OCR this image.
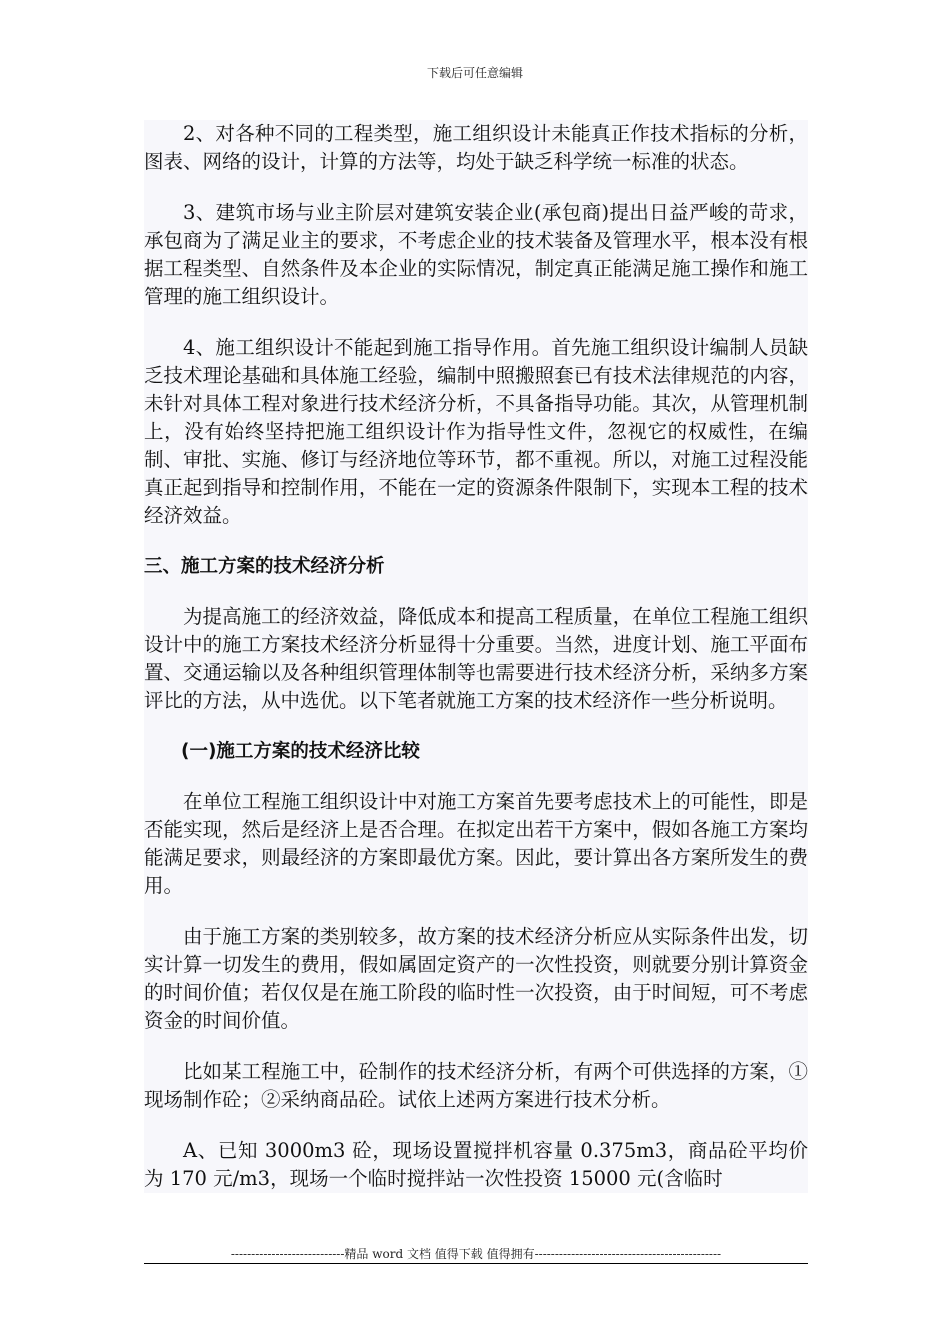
下载后可任意编辑

2、对各种不同的工程类型，施工组织设计未能真正作技术指标的分析，图表、网络的设计，计算的方法等，均处于缺乏科学统一标准的状态。

3、建筑市场与业主阶层对建筑安装企业(承包商)提出日益严峻的苛求，承包商为了满足业主的要求，不考虑企业的技术装备及管理水平，根本没有根据工程类型、自然条件及本企业的实际情况，制定真正能满足施工操作和施工管理的施工组织设计。

4、施工组织设计不能起到施工指导作用。首先施工组织设计编制人员缺乏技术理论基础和具体施工经验，编制中照搬照套已有技术法律规范的内容，未针对具体工程对象进行技术经济分析，不具备指导功能。其次，从管理机制上，没有始终坚持把施工组织设计作为指导性文件，忽视它的权威性，在编制、审批、实施、修订与经济地位等环节，都不重视。所以，对施工过程没能真正起到指导和控制作用，不能在一定的资源条件限制下，实现本工程的技术经济效益。

三、施工方案的技术经济分析

为提高施工的经济效益，降低成本和提高工程质量，在单位工程施工组织设计中的施工方案技术经济分析显得十分重要。当然，进度计划、施工平面布置、交通运输以及各种组织管理体制等也需要进行技术经济分析，采纳多方案评比的方法，从中选优。以下笔者就施工方案的技术经济作一些分析说明。

(一)施工方案的技术经济比较

在单位工程施工组织设计中对施工方案首先要考虑技术上的可能性，即是否能实现，然后是经济上是否合理。在拟定出若干方案中，假如各施工方案均能满足要求，则最经济的方案即最优方案。因此，要计算出各方案所发生的费用。

由于施工方案的类别较多，故方案的技术经济分析应从实际条件出发，切实计算一切发生的费用，假如属固定资产的一次性投资，则就要分别计算资金的时间价值；若仅仅是在施工阶段的临时性一次投资，由于时间短，可不考虑资金的时间价值。

比如某工程施工中，砼制作的技术经济分析，有两个可供选择的方案，①现场制作砼；②采纳商品砼。试依上述两方案进行技术分析。

A、已知 3000m3 砼，现场设置搅拌机容量 0.375m3，商品砼平均价为 170 元/m3，现场一个临时搅拌站一次性投资 15000 元(含临时

----------------------------精品 word 文档 值得下载 值得拥有----------------------------------------------
